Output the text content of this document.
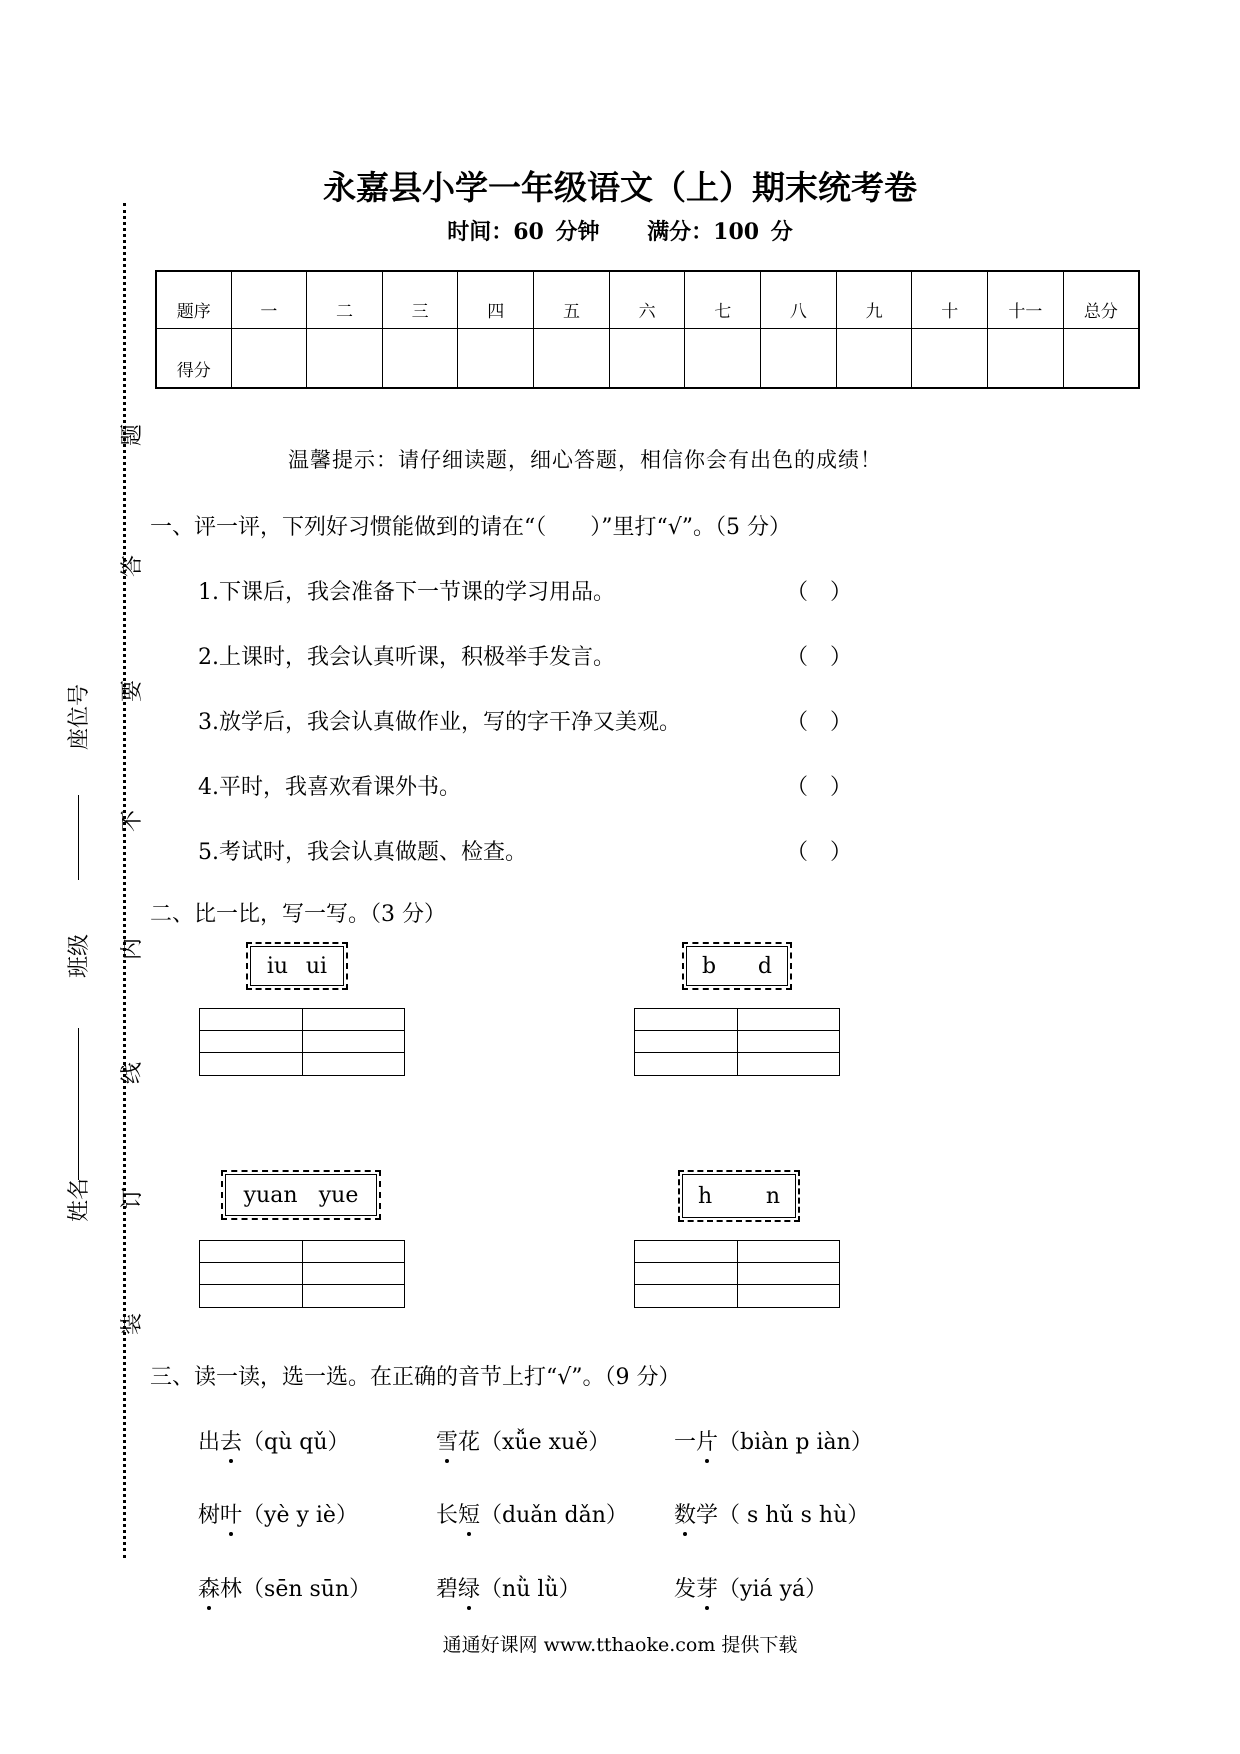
题
答
要
不
内
线
订
装
座位号
班级
姓名
永嘉县小学一年级语文（上）期末统考卷
时间：60 分钟 满分：100 分
题序	一	二	三	四	五	六	七	八	九	十	十一	总分
得分												
温馨提示：请仔细读题，细心答题，相信你会有出色的成绩！
一、评一评，下列好习惯能做到的请在“（　　）”里打“√”。（5 分）
1.下课后，我会准备下一节课的学习用品。	（　）
2.上课时，我会认真听课，积极举手发言。	（　）
3.放学后，我会认真做作业，写的字干净又美观。	（　）
4.平时，我喜欢看课外书。	（　）
5.考试时，我会认真做题、检查。	（　）
二、比一比，写一写。（3 分）
iu ui	b d
yuan yue	h n
三、读一读，选一选。在正确的音节上打“√”。（9 分）
出去（qù qǔ）	雪花（xǚe xuě）	一片（biàn p iàn）
树叶（yè y iè）	长短（duǎn dǎn） 数学（ s hǔ s hù）
森林（sēn sūn）	碧绿（nǜ lǜ）	发芽（yiá yá）
通通好课网 www.tthaoke.com 提供下载
